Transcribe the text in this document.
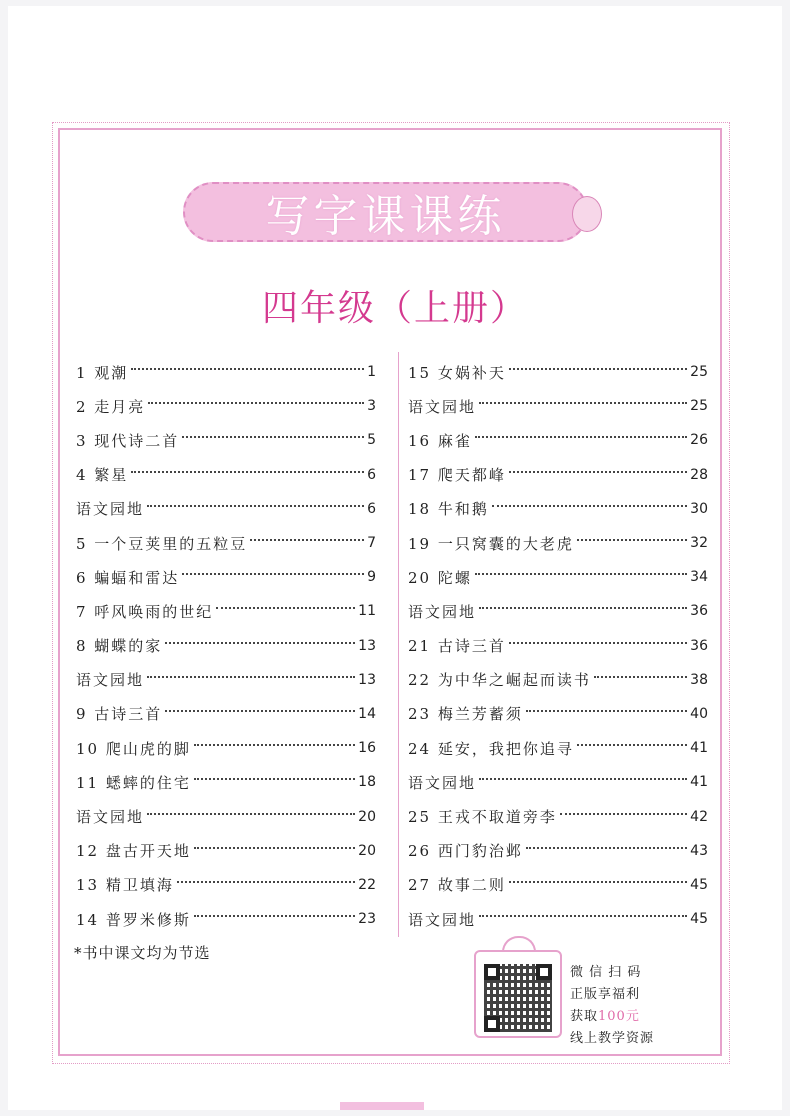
写字课课练
四年级（上册）
1 观潮	1
2 走月亮	3
3 现代诗二首	5
4 繁星	6
语文园地	6
5 一个豆荚里的五粒豆	7
6 蝙蝠和雷达	9
7 呼风唤雨的世纪	11
8 蝴蝶的家	13
语文园地	13
9 古诗三首	14
10 爬山虎的脚	16
11 蟋蟀的住宅	18
语文园地	20
12 盘古开天地	20
13 精卫填海	22
14 普罗米修斯	23
15 女娲补天	25
语文园地	25
16 麻雀	26
17 爬天都峰	28
18 牛和鹅	30
19 一只窝囊的大老虎	32
20 陀螺	34
语文园地	36
21 古诗三首	36
22 为中华之崛起而读书	38
23 梅兰芳蓄须	40
24 延安，我把你追寻	41
语文园地	41
25 王戎不取道旁李	42
26 西门豹治邺	43
27 故事二则	45
语文园地	45
*书中课文均为节选
微 信 扫 码
正版享福利
获取100元
线上教学资源
